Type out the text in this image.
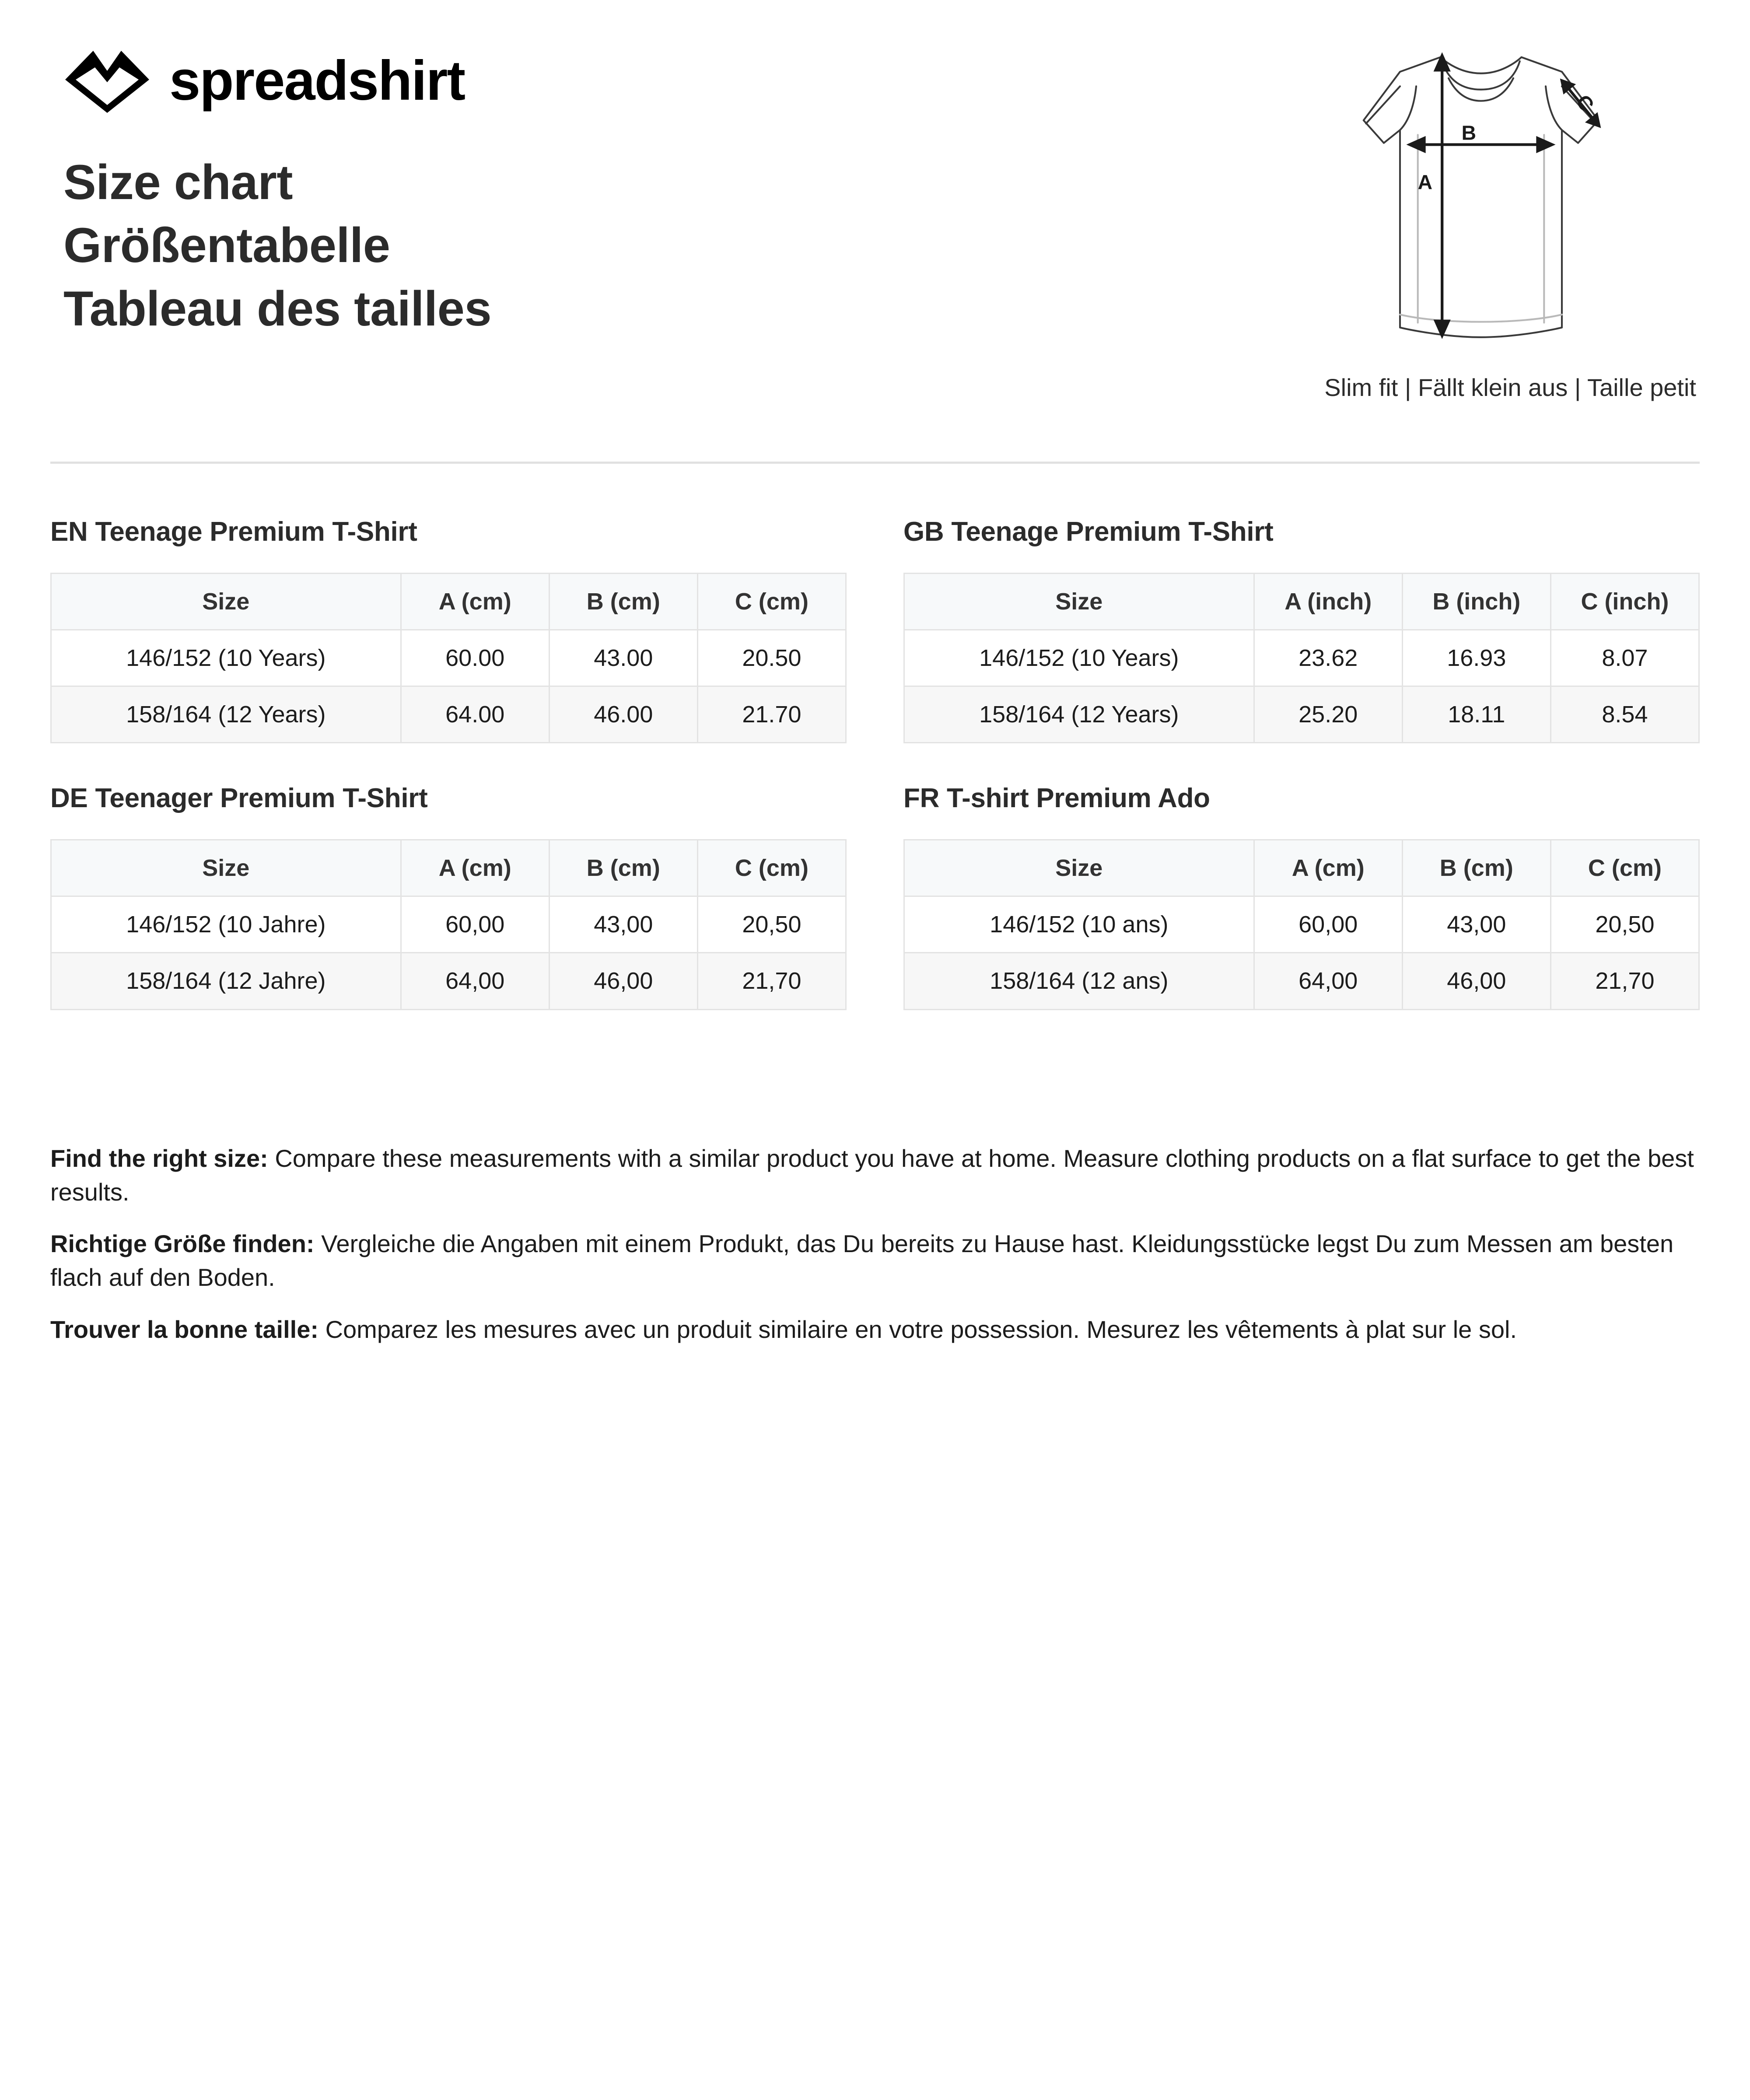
spreadshirt
Size chart
Größentabelle
Tableau des tailles
A
B
C
Slim fit | Fällt klein aus | Taille petit
EN Teenage Premium T-Shirt
Size	A (cm)	B (cm)	C (cm)
146/152 (10 Years)	60.00	43.00	20.50
158/164 (12 Years)	64.00	46.00	21.70
GB Teenage Premium T-Shirt
Size	A (inch)	B (inch)	C (inch)
146/152 (10 Years)	23.62	16.93	8.07
158/164 (12 Years)	25.20	18.11	8.54
DE Teenager Premium T-Shirt
Size	A (cm)	B (cm)	C (cm)
146/152 (10 Jahre)	60,00	43,00	20,50
158/164 (12 Jahre)	64,00	46,00	21,70
FR T-shirt Premium Ado
Size	A (cm)	B (cm)	C (cm)
146/152 (10 ans)	60,00	43,00	20,50
158/164 (12 ans)	64,00	46,00	21,70

Find the right size: Compare these measurements with a similar product you have at home. Measure clothing products on a flat surface to get the best results.

Richtige Größe finden: Vergleiche die Angaben mit einem Produkt, das Du bereits zu Hause hast. Kleidungsstücke legst Du zum Messen am besten flach auf den Boden.

Trouver la bonne taille: Comparez les mesures avec un produit similaire en votre possession. Mesurez les vêtements à plat sur le sol.
